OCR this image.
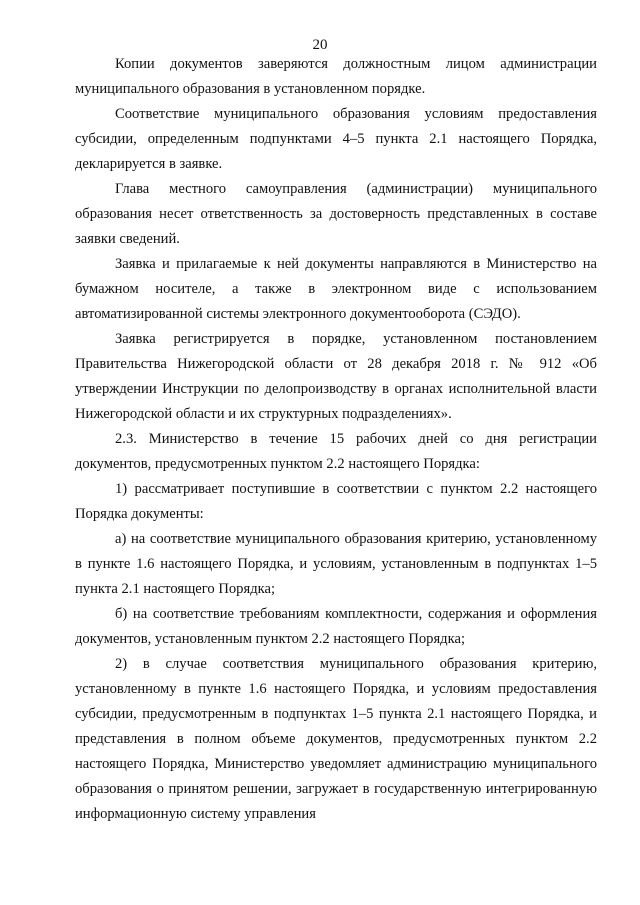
20

Копии документов заверяются должностным лицом администрации муниципального образования в установленном порядке.

Соответствие муниципального образования условиям предоставления субсидии, определенным подпунктами 4–5 пункта 2.1 настоящего Порядка, декларируется в заявке.

Глава местного самоуправления (администрации) муниципального образования несет ответственность за достоверность представленных в составе заявки сведений.

Заявка и прилагаемые к ней документы направляются в Министерство на бумажном носителе, а также в электронном виде с использованием автоматизированной системы электронного документооборота (СЭДО).

Заявка регистрируется в порядке, установленном постановлением Правительства Нижегородской области от 28 декабря 2018 г. № 912 «Об утверждении Инструкции по делопроизводству в органах исполнительной власти Нижегородской области и их структурных подразделениях».

2.3. Министерство в течение 15 рабочих дней со дня регистрации документов, предусмотренных пунктом 2.2 настоящего Порядка:

1) рассматривает поступившие в соответствии с пунктом 2.2 настоящего Порядка документы:

а) на соответствие муниципального образования критерию, установленному в пункте 1.6 настоящего Порядка, и условиям, установленным в подпунктах 1–5 пункта 2.1 настоящего Порядка;

б) на соответствие требованиям комплектности, содержания и оформления документов, установленным пунктом 2.2 настоящего Порядка;

2) в случае соответствия муниципального образования критерию, установленному в пункте 1.6 настоящего Порядка, и условиям предоставления субсидии, предусмотренным в подпунктах 1–5 пункта 2.1 настоящего Порядка, и представления в полном объеме документов, предусмотренных пунктом 2.2 настоящего Порядка, Министерство уведомляет администрацию муниципального образования о принятом решении, загружает в государственную интегрированную информационную систему управления
